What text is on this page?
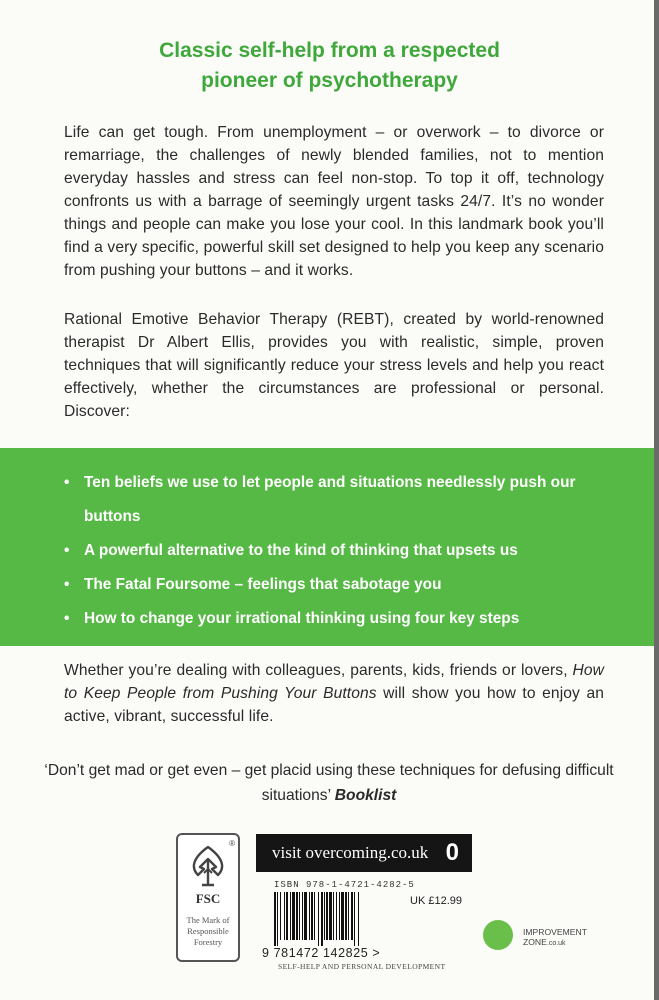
Classic self-help from a respected
pioneer of psychotherapy
Life can get tough. From unemployment – or overwork – to divorce or remarriage, the challenges of newly blended families, not to mention everyday hassles and stress can feel non-stop. To top it off, technology confronts us with a barrage of seemingly urgent tasks 24/7. It’s no wonder things and people can make you lose your cool. In this landmark book you’ll find a very specific, powerful skill set designed to help you keep any scenario from pushing your buttons – and it works.
Rational Emotive Behavior Therapy (REBT), created by world-renowned therapist Dr Albert Ellis, provides you with realistic, simple, proven techniques that will significantly reduce your stress levels and help you react effectively, whether the circumstances are professional or personal. Discover:
• Ten beliefs we use to let people and situations needlessly push our buttons
• A powerful alternative to the kind of thinking that upsets us
• The Fatal Foursome – feelings that sabotage you
• How to change your irrational thinking using four key steps
Whether you’re dealing with colleagues, parents, kids, friends or lovers, How to Keep People from Pushing Your Buttons will show you how to enjoy an active, vibrant, successful life.
‘Don’t get mad or get even – get placid using these techniques for defusing difficult situations’ Booklist
®
FSC
The Mark of Responsible Forestry
visit overcoming.co.uk 0
ISBN 978-1-4721-4282-5
UK £12.99
9 781472 142825 >
SELF-HELP AND PERSONAL DEVELOPMENT
IMPROVEMENT
ZONE.co.uk
